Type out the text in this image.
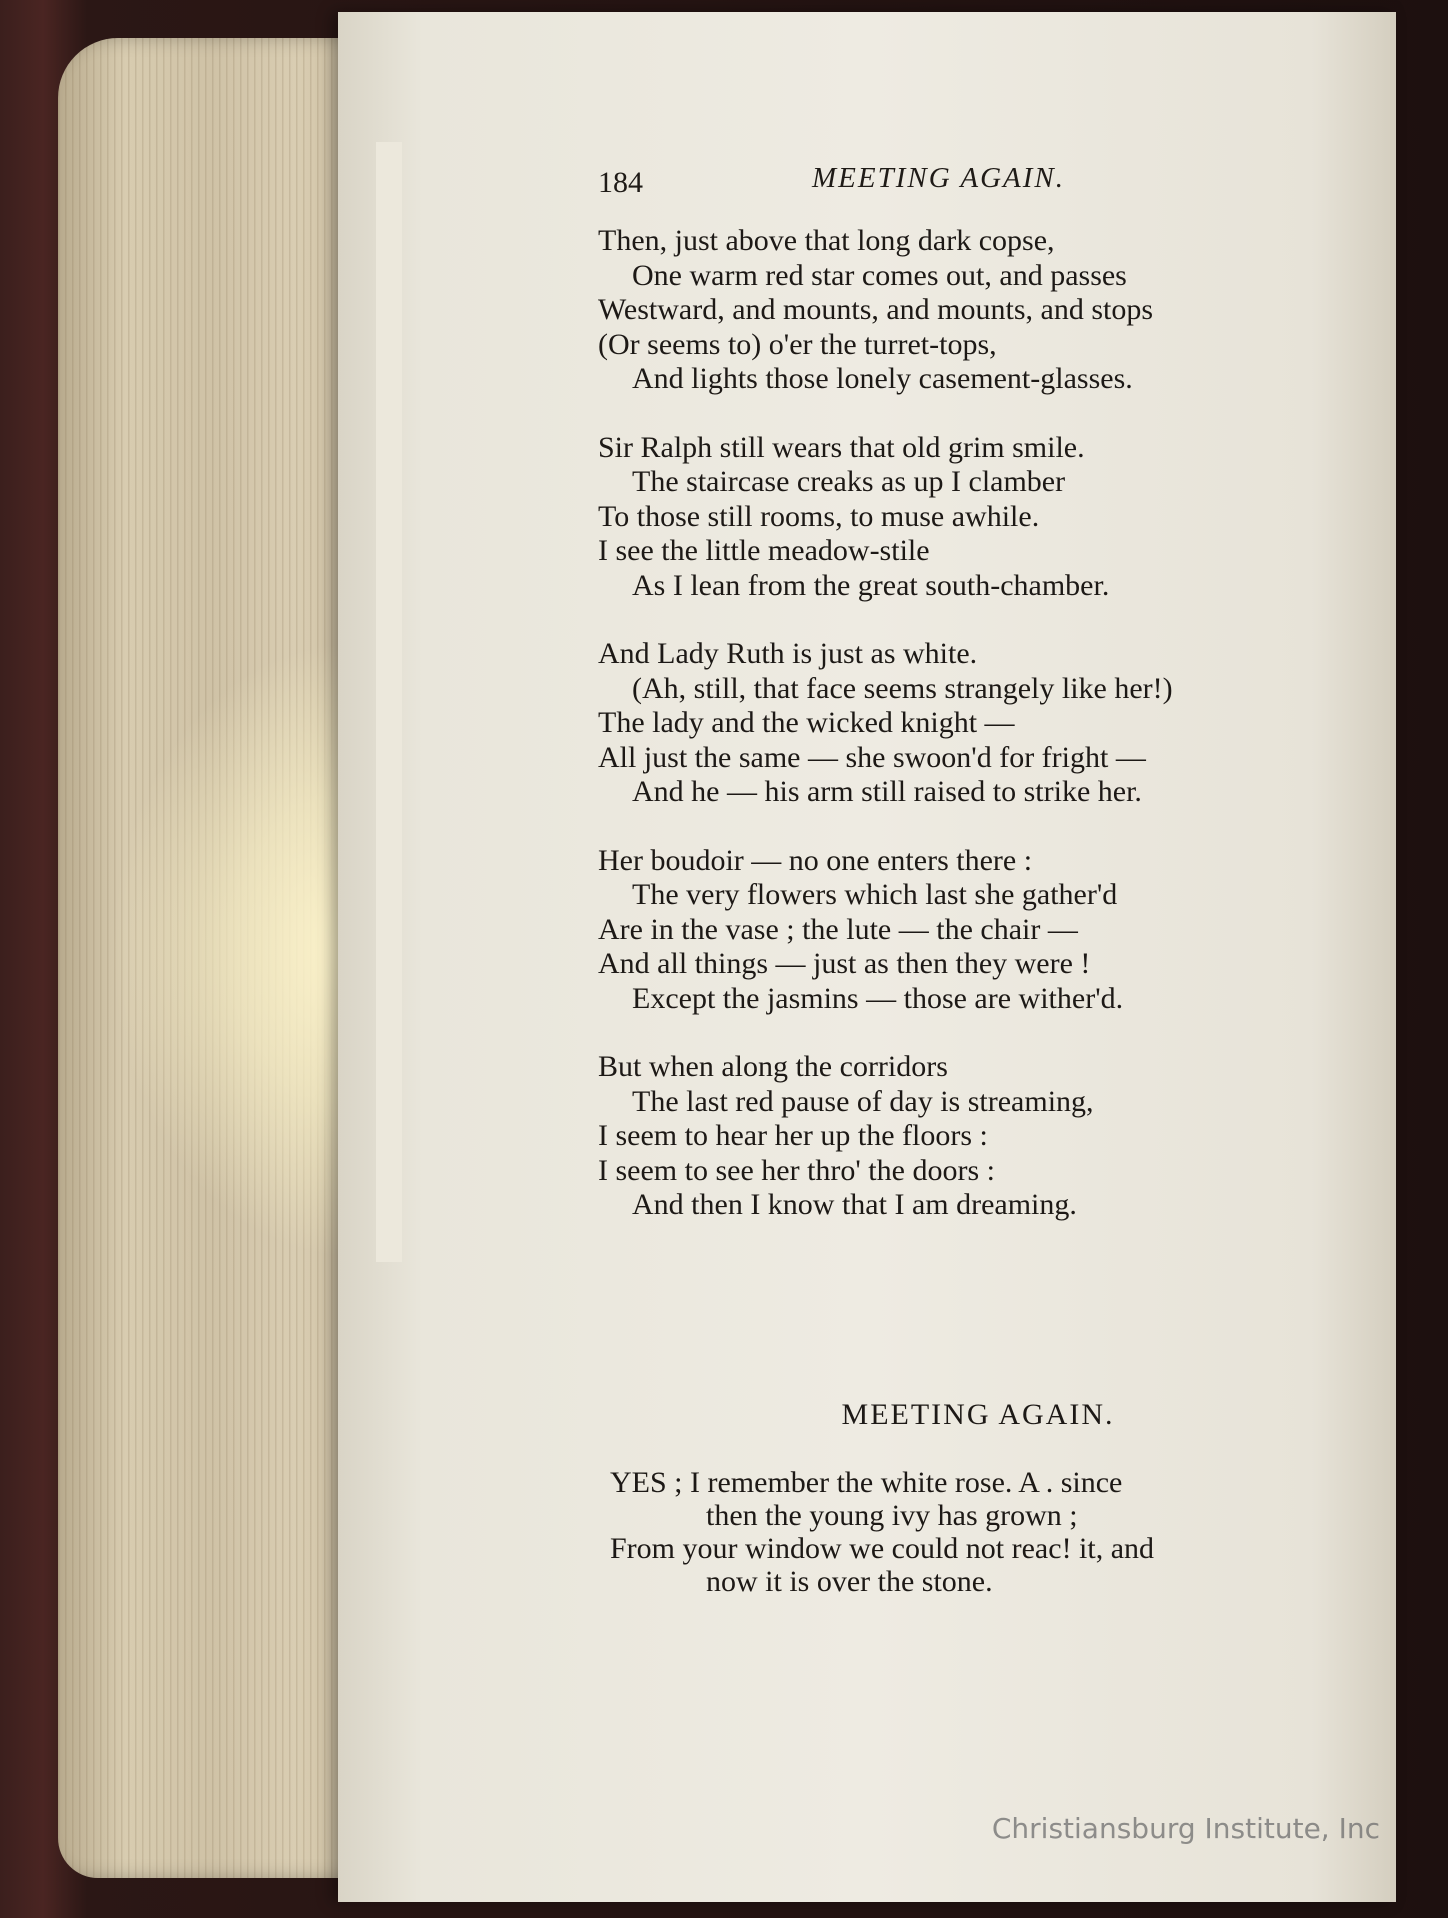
184	MEETING AGAIN.
Then, just above that long dark copse,
One warm red star comes out, and passes
Westward, and mounts, and mounts, and stops
(Or seems to) o'er the turret-tops,
And lights those lonely casement-glasses.
Sir Ralph still wears that old grim smile.
The staircase creaks as up I clamber
To those still rooms, to muse awhile.
I see the little meadow-stile
As I lean from the great south-chamber.
And Lady Ruth is just as white.
(Ah, still, that face seems strangely like her!)
The lady and the wicked knight —
All just the same — she swoon'd for fright —
And he — his arm still raised to strike her.
Her boudoir — no one enters there :
The very flowers which last she gather'd
Are in the vase ; the lute — the chair —
And all things — just as then they were !
Except the jasmins — those are wither'd.
But when along the corridors
The last red pause of day is streaming,
I seem to hear her up the floors :
I seem to see her thro' the doors :
And then I know that I am dreaming.
MEETING AGAIN.
YES ; I remember the white rose. A . since
then the young ivy has grown ;
From your window we could not reac! it, and
now it is over the stone.
Christiansburg Institute, Inc
